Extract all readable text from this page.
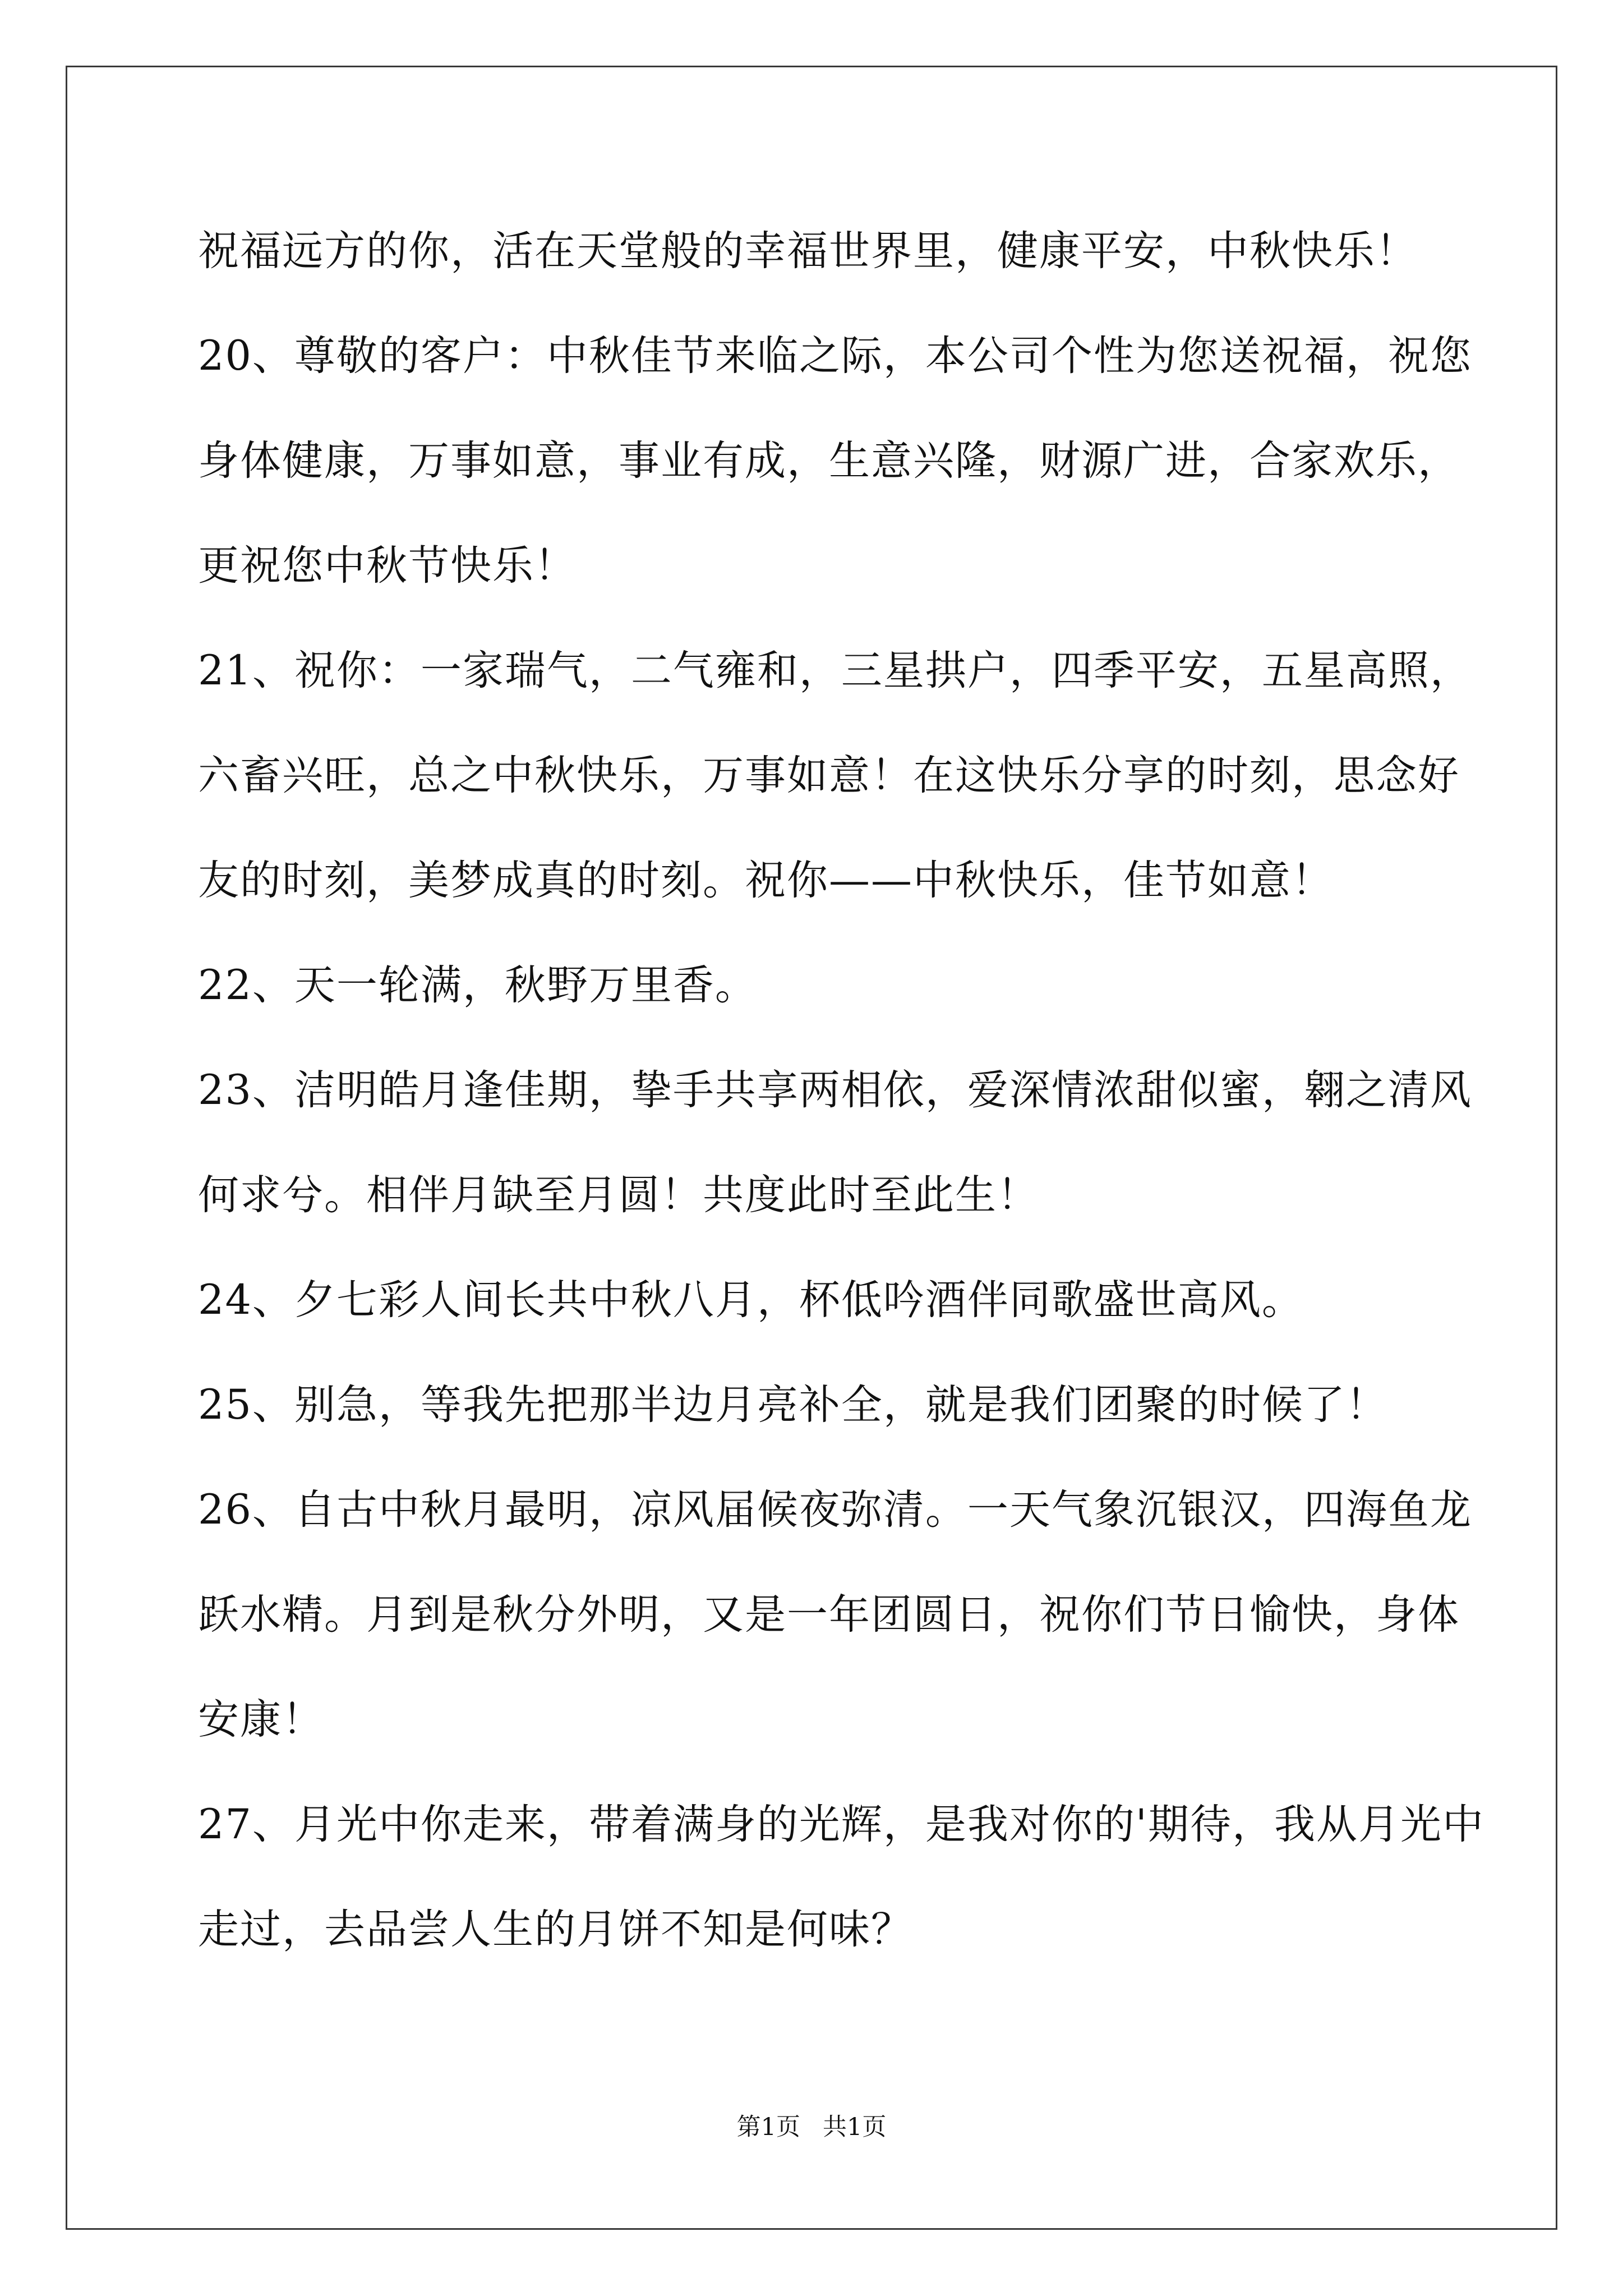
祝福远方的你，活在天堂般的幸福世界里，健康平安，中秋快乐！
20、尊敬的客户：中秋佳节来临之际，本公司个性为您送祝福，祝您
身体健康，万事如意，事业有成，生意兴隆，财源广进，合家欢乐，
更祝您中秋节快乐！
21、祝你：一家瑞气，二气雍和，三星拱户，四季平安，五星高照，
六畜兴旺，总之中秋快乐，万事如意！在这快乐分享的时刻，思念好
友的时刻，美梦成真的时刻。祝你——中秋快乐，佳节如意！
22、天一轮满，秋野万里香。
23、洁明皓月逢佳期，挚手共享两相依，爱深情浓甜似蜜，翱之清风
何求兮。相伴月缺至月圆！共度此时至此生！
24、夕七彩人间长共中秋八月，杯低吟酒伴同歌盛世高风。
25、别急，等我先把那半边月亮补全，就是我们团聚的时候了！
26、自古中秋月最明，凉风届候夜弥清。一天气象沉银汉，四海鱼龙
跃水精。月到是秋分外明，又是一年团圆日，祝你们节日愉快，身体
安康！
27、月光中你走来，带着满身的光辉，是我对你的'期待，我从月光中
走过，去品尝人生的月饼不知是何味？
第1页 共1页
